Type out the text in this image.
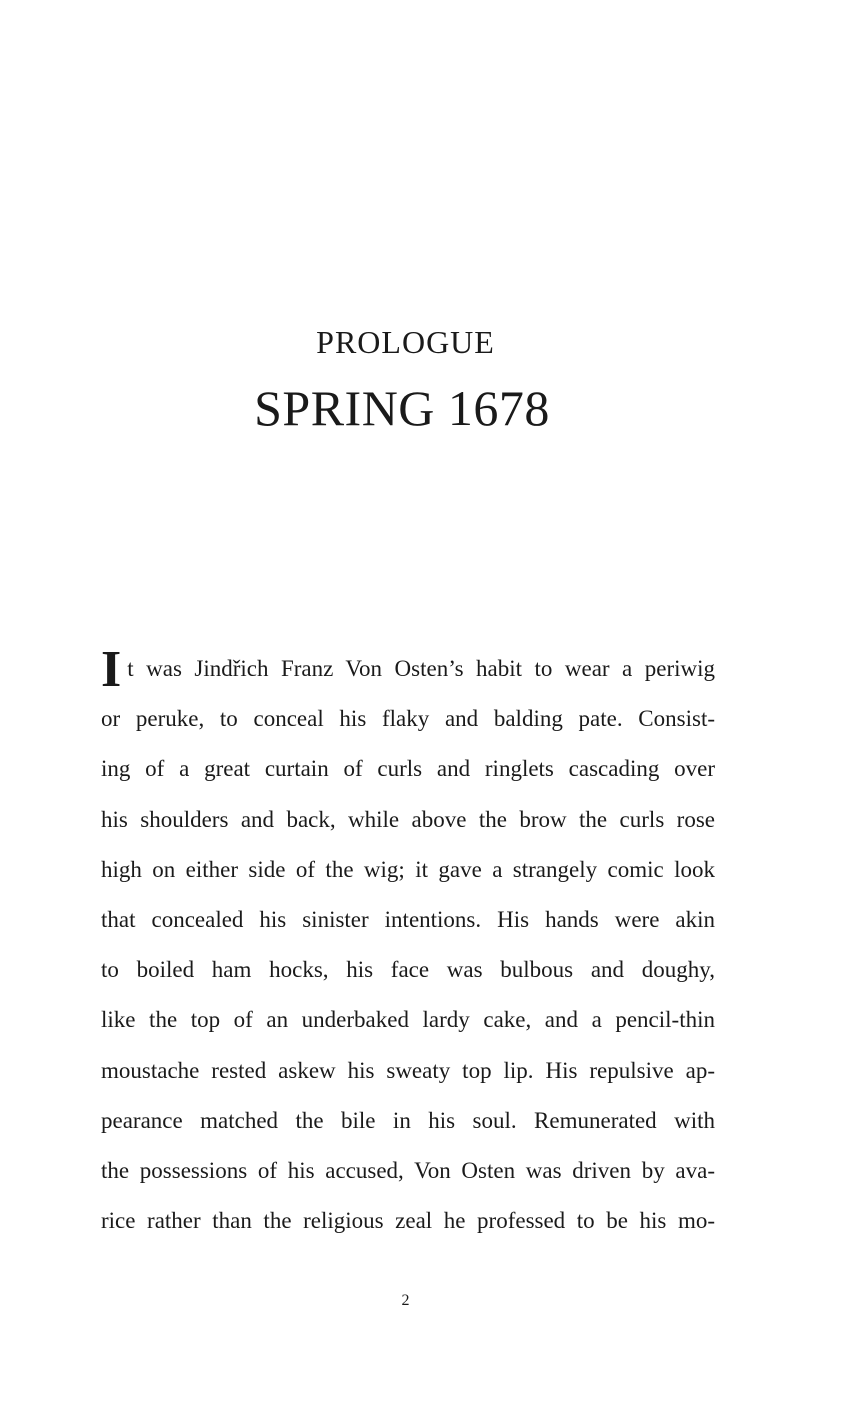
PROLOGUE
SPRING 1678
It was Jindřich Franz Von Osten’s habit to wear a periwig
or peruke, to conceal his flaky and balding pate. Consist-
ing of a great curtain of curls and ringlets cascading over
his shoulders and back, while above the brow the curls rose
high on either side of the wig; it gave a strangely comic look
that concealed his sinister intentions. His hands were akin
to boiled ham hocks, his face was bulbous and doughy,
like the top of an underbaked lardy cake, and a pencil-thin
moustache rested askew his sweaty top lip. His repulsive ap-
pearance matched the bile in his soul. Remunerated with
the possessions of his accused, Von Osten was driven by ava-
rice rather than the religious zeal he professed to be his mo-
2
